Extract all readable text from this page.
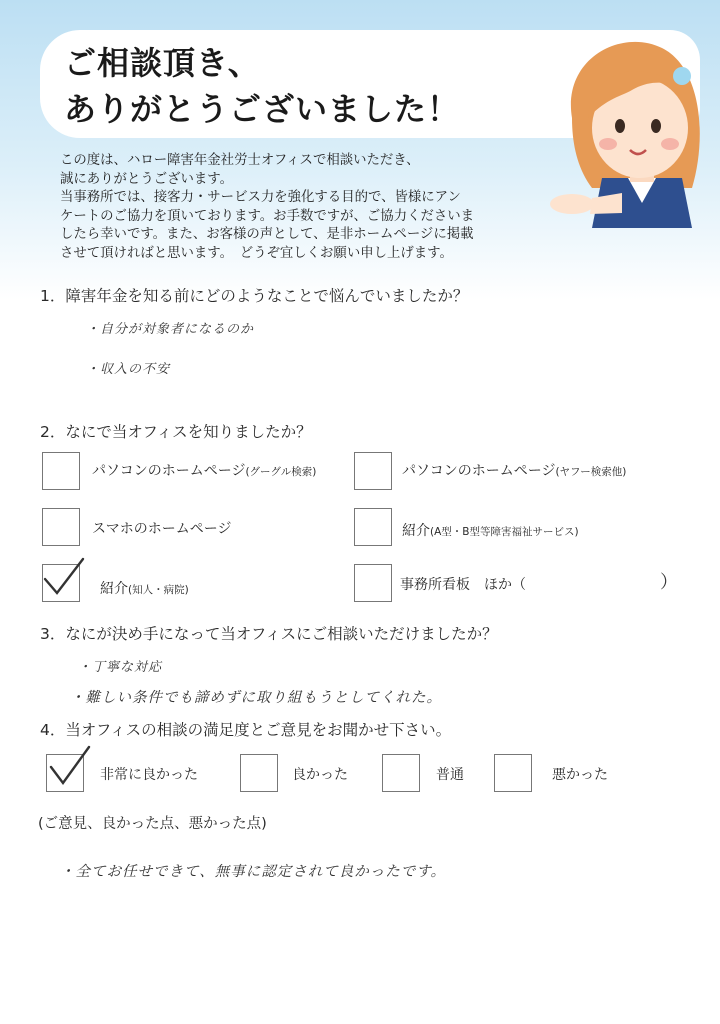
ご相談頂き、
ありがとうございました！
この度は、ハロー障害年金社労士オフィスで相談いただき、
誠にありがとうございます。
当事務所では、接客力・サービス力を強化する目的で、皆様にアン
ケートのご協力を頂いております。お手数ですが、ご協力くださいま
したら幸いです。また、お客様の声として、是非ホームページに掲載
させて頂ければと思います。　どうぞ宜しくお願い申し上げます。
1．障害年金を知る前にどのようなことで悩んでいましたか？
・自分が対象者になるのか
・収入の不安
2．なにで当オフィスを知りましたか？
パソコンのホームページ(グーグル検索)	パソコンのホームページ(ヤフー検索他)
スマホのホームページ	紹介(A型・B型等障害福祉サービス)
紹介(知人・病院)	事務所看板　ほか（	）
3．なにが決め手になって当オフィスにご相談いただけましたか？
・丁寧な対応
・難しい条件でも諦めずに取り組もうとしてくれた。
4．当オフィスの相談の満足度とご意見をお聞かせ下さい。
非常に良かった	良かった	普通	悪かった
(ご意見、良かった点、悪かった点)
・全てお任せできて、無事に認定されて良かったです。
